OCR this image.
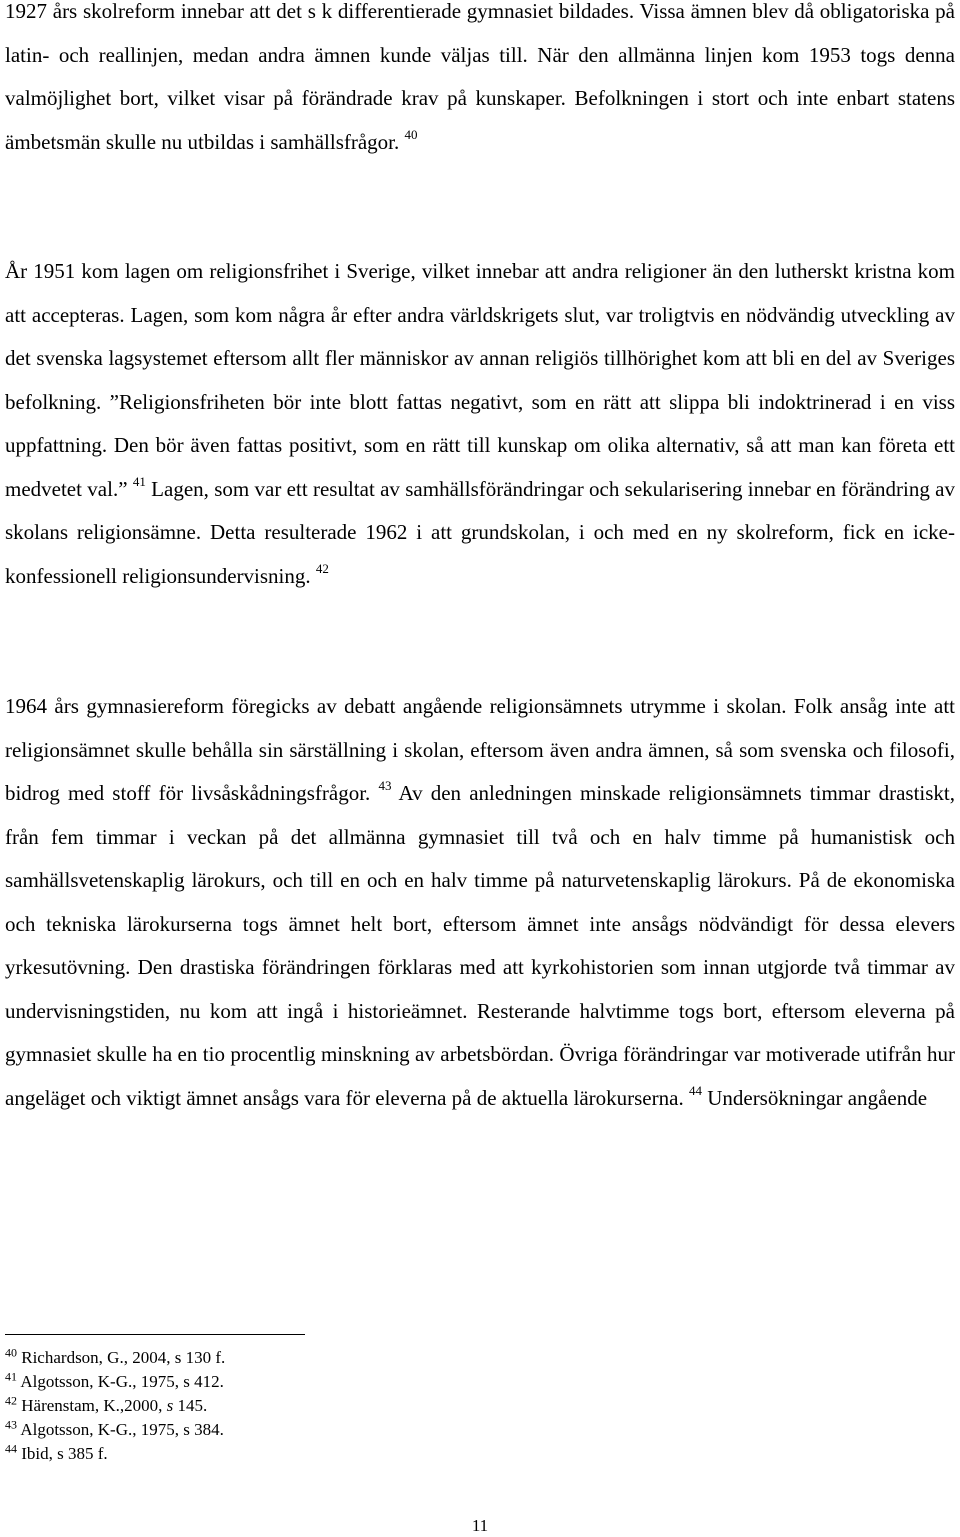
1927 års skolreform innebar att det s k differentierade gymnasiet bildades. Vissa ämnen blev då obligatoriska på latin- och reallinjen, medan andra ämnen kunde väljas till. När den allmänna linjen kom 1953 togs denna valmöjlighet bort, vilket visar på förändrade krav på kunskaper. Befolkningen i stort och inte enbart statens ämbetsmän skulle nu utbildas i samhällsfrågor. $^{40}$

År 1951 kom lagen om religionsfrihet i Sverige, vilket innebar att andra religioner än den lutherskt kristna kom att accepteras. Lagen, som kom några år efter andra världskrigets slut, var troligtvis en nödvändig utveckling av det svenska lagsystemet eftersom allt fler människor av annan religiös tillhörighet kom att bli en del av Sveriges befolkning. ”Religionsfriheten bör inte blott fattas negativt, som en rätt att slippa bli indoktrinerad i en viss uppfattning. Den bör även fattas positivt, som en rätt till kunskap om olika alternativ, så att man kan företa ett medvetet val.” $^{41}$ Lagen, som var ett resultat av samhällsförändringar och sekularisering innebar en förändring av skolans religionsämne. Detta resulterade 1962 i att grundskolan, i och med en ny skolreform, fick en icke- konfessionell religionsundervisning. $^{42}$

1964 års gymnasiereform föregicks av debatt angående religionsämnets utrymme i skolan. Folk ansåg inte att religionsämnet skulle behålla sin särställning i skolan, eftersom även andra ämnen, så som svenska och filosofi, bidrog med stoff för livsåskådningsfrågor. $^{43}$ Av den anledningen minskade religionsämnets timmar drastiskt, från fem timmar i veckan på det allmänna gymnasiet till två och en halv timme på humanistisk och samhällsvetenskaplig lärokurs, och till en och en halv timme på naturvetenskaplig lärokurs. På de ekonomiska och tekniska lärokurserna togs ämnet helt bort, eftersom ämnet inte ansågs nödvändigt för dessa elevers yrkesutövning. Den drastiska förändringen förklaras med att kyrkohistorien som innan utgjorde två timmar av undervisningstiden, nu kom att ingå i historieämnet. Resterande halvtimme togs bort, eftersom eleverna på gymnasiet skulle ha en tio procentlig minskning av arbetsbördan. Övriga förändringar var motiverade utifrån hur angeläget och viktigt ämnet ansågs vara för eleverna på de aktuella lärokurserna. $^{44}$ Undersökningar angående

$^{40}$ Richardson, G., 2004, s 130 f.
$^{41}$ Algotsson, K-G., 1975, s 412.
$^{42}$ Härenstam, K.,2000, s 145.
$^{43}$ Algotsson, K-G., 1975, s 384.
$^{44}$ Ibid, s 385 f.
11
